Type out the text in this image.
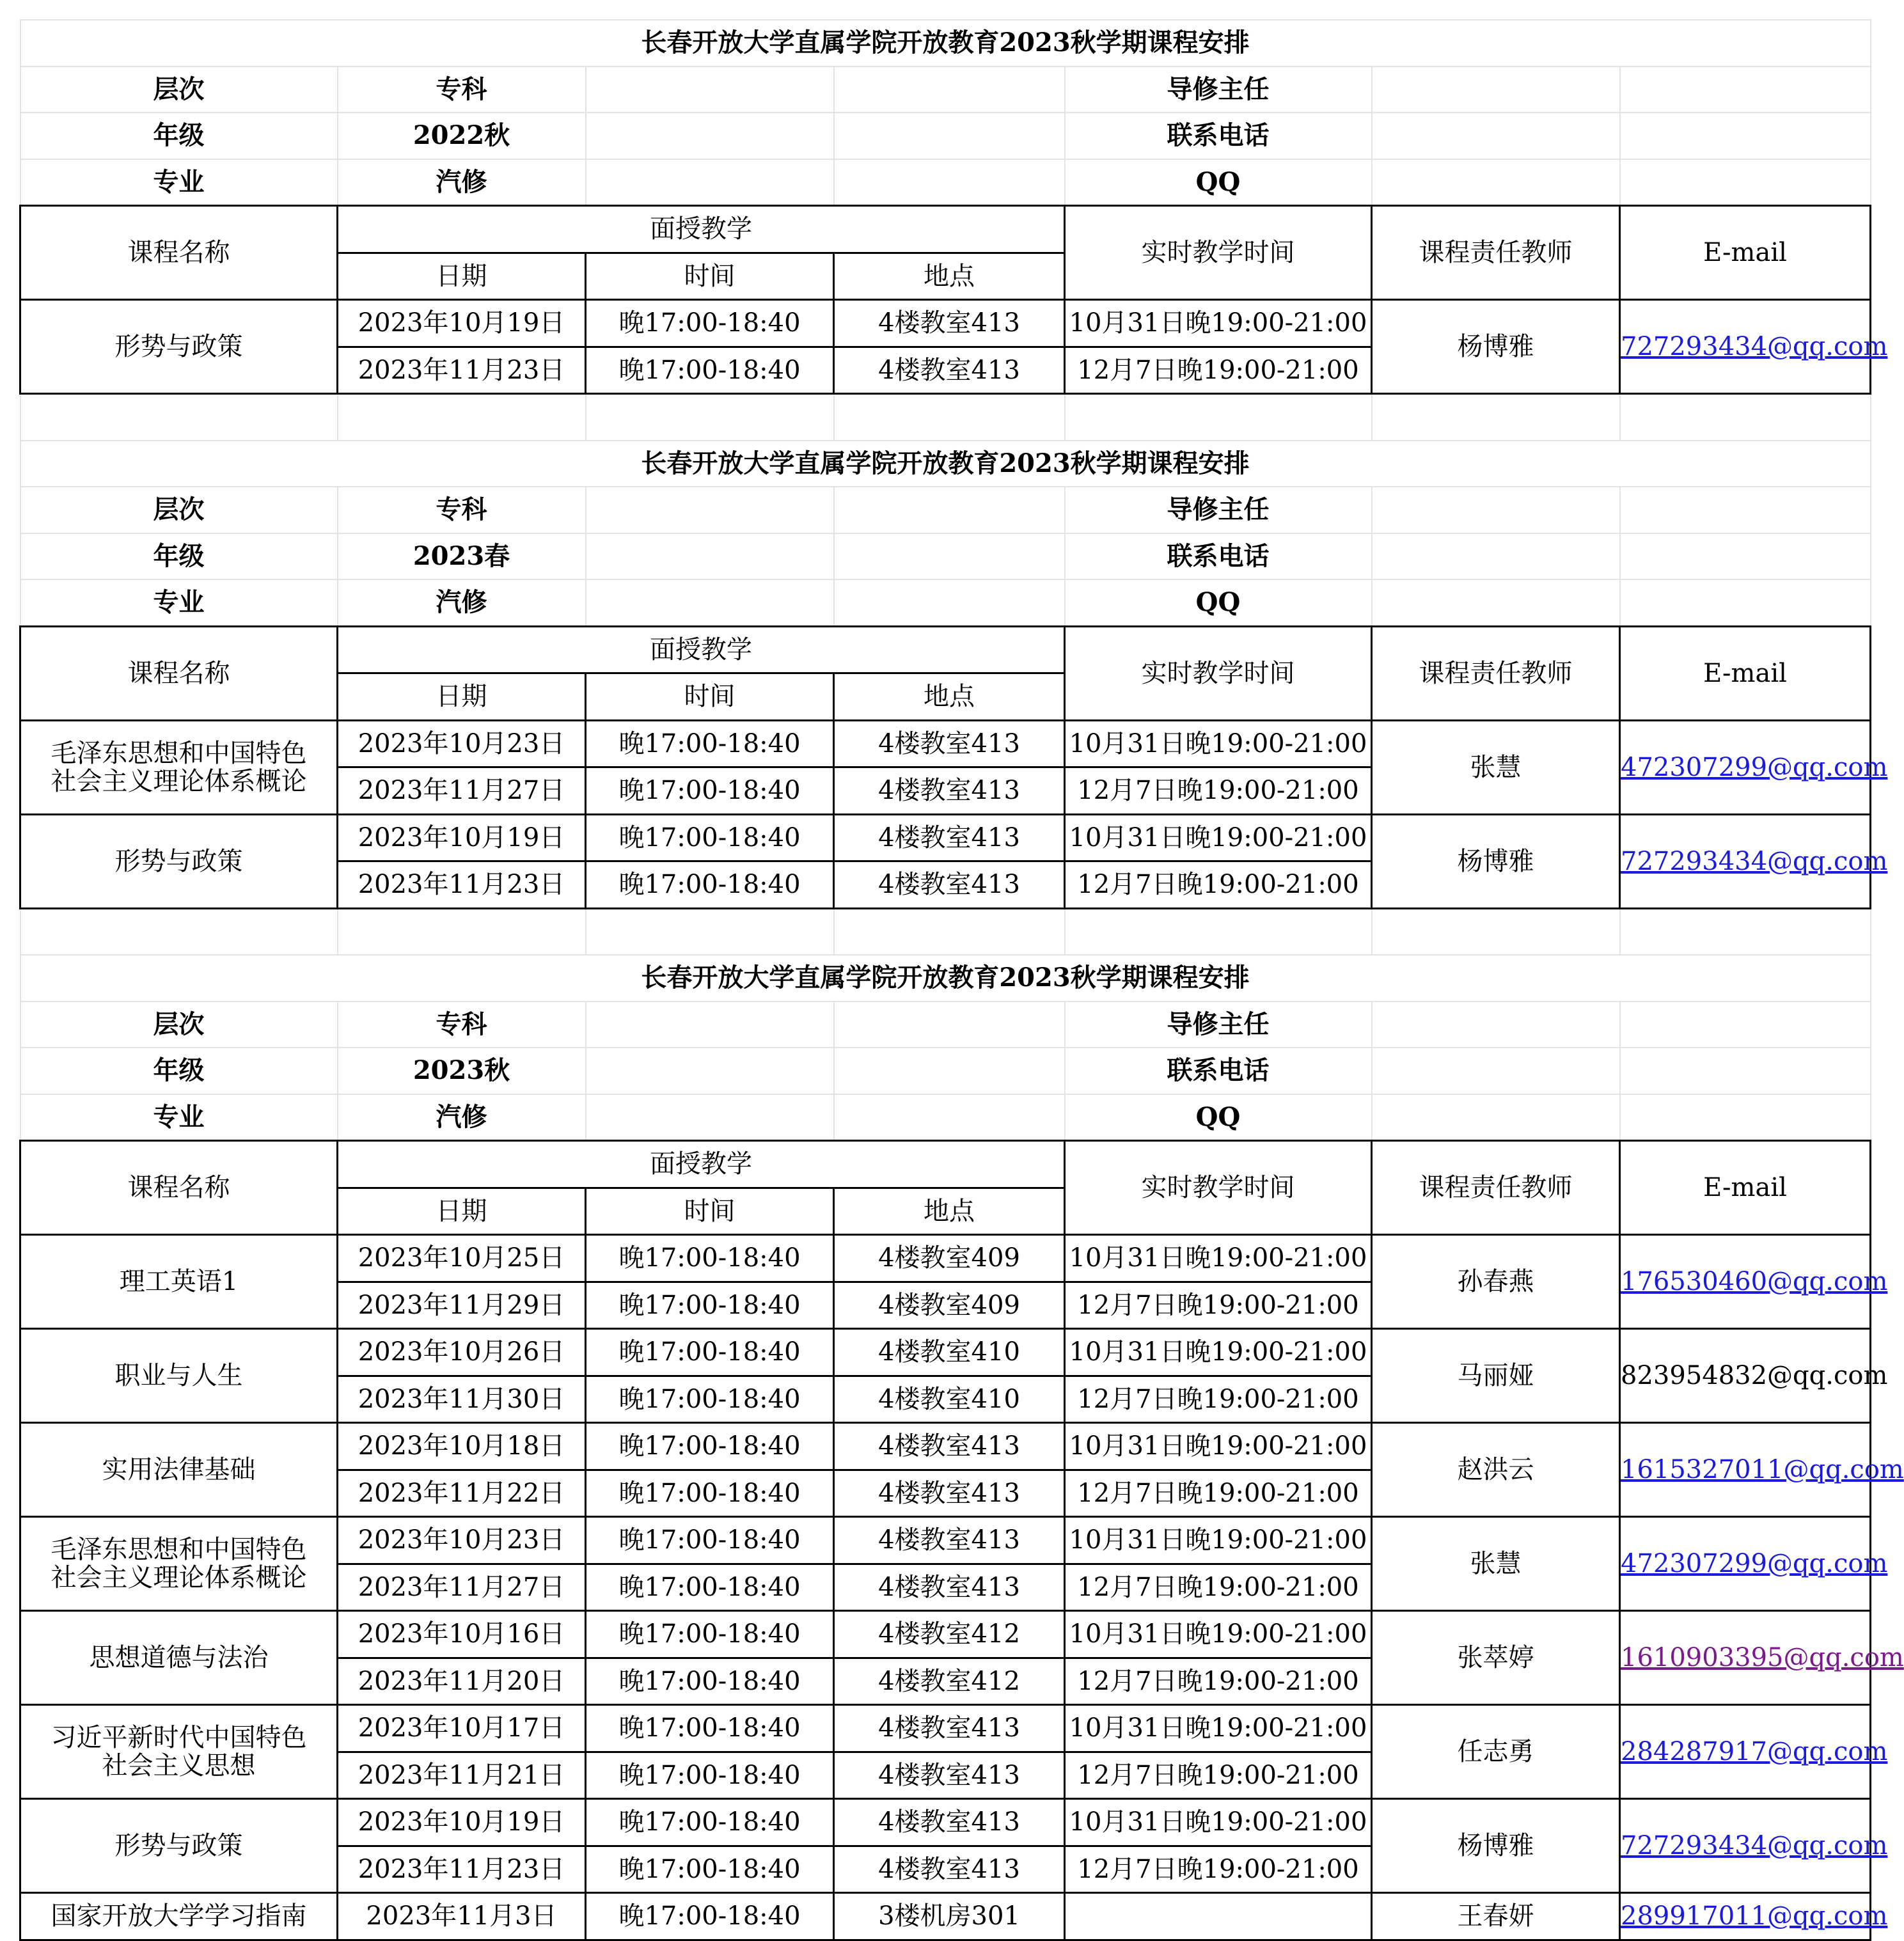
长春开放大学直属学院开放教育2023秋学期课程安排						
层次	专科			导修主任		
年级	2022秋			联系电话		
专业	汽修			QQ		
课程名称	面授教学			实时教学时间	课程责任教师	E-mail
	日期	时间	地点			
形势与政策	2023年10月19日	晚17:00-18:40	4楼教室413	10月31日晚19:00-21:00	杨博雅	727293434@qq.com
	2023年11月23日	晚17:00-18:40	4楼教室413	12月7日晚19:00-21:00		

长春开放大学直属学院开放教育2023秋学期课程安排						
层次	专科			导修主任		
年级	2023春			联系电话		
专业	汽修			QQ		
课程名称	面授教学			实时教学时间	课程责任教师	E-mail
	日期	时间	地点			
毛泽东思想和中国特色
社会主义理论体系概论	2023年10月23日	晚17:00-18:40	4楼教室413	10月31日晚19:00-21:00	张慧	472307299@qq.com
	2023年11月27日	晚17:00-18:40	4楼教室413	12月7日晚19:00-21:00		
形势与政策	2023年10月19日	晚17:00-18:40	4楼教室413	10月31日晚19:00-21:00	杨博雅	727293434@qq.com
	2023年11月23日	晚17:00-18:40	4楼教室413	12月7日晚19:00-21:00		

长春开放大学直属学院开放教育2023秋学期课程安排						
层次	专科			导修主任		
年级	2023秋			联系电话		
专业	汽修			QQ		
课程名称	面授教学			实时教学时间	课程责任教师	E-mail
	日期	时间	地点			
理工英语1	2023年10月25日	晚17:00-18:40	4楼教室409	10月31日晚19:00-21:00	孙春燕	176530460@qq.com
	2023年11月29日	晚17:00-18:40	4楼教室409	12月7日晚19:00-21:00		
职业与人生	2023年10月26日	晚17:00-18:40	4楼教室410	10月31日晚19:00-21:00	马丽娅	823954832@qq.com
	2023年11月30日	晚17:00-18:40	4楼教室410	12月7日晚19:00-21:00		
实用法律基础	2023年10月18日	晚17:00-18:40	4楼教室413	10月31日晚19:00-21:00	赵洪云	1615327011@qq.com
	2023年11月22日	晚17:00-18:40	4楼教室413	12月7日晚19:00-21:00		
毛泽东思想和中国特色
社会主义理论体系概论	2023年10月23日	晚17:00-18:40	4楼教室413	10月31日晚19:00-21:00	张慧	472307299@qq.com
	2023年11月27日	晚17:00-18:40	4楼教室413	12月7日晚19:00-21:00		
思想道德与法治	2023年10月16日	晚17:00-18:40	4楼教室412	10月31日晚19:00-21:00	张萃婷	1610903395@qq.com
	2023年11月20日	晚17:00-18:40	4楼教室412	12月7日晚19:00-21:00		
习近平新时代中国特色
社会主义思想	2023年10月17日	晚17:00-18:40	4楼教室413	10月31日晚19:00-21:00	任志勇	284287917@qq.com
	2023年11月21日	晚17:00-18:40	4楼教室413	12月7日晚19:00-21:00		
形势与政策	2023年10月19日	晚17:00-18:40	4楼教室413	10月31日晚19:00-21:00	杨博雅	727293434@qq.com
	2023年11月23日	晚17:00-18:40	4楼教室413	12月7日晚19:00-21:00		
国家开放大学学习指南	2023年11月3日	晚17:00-18:40	3楼机房301		王春妍	289917011@qq.com
